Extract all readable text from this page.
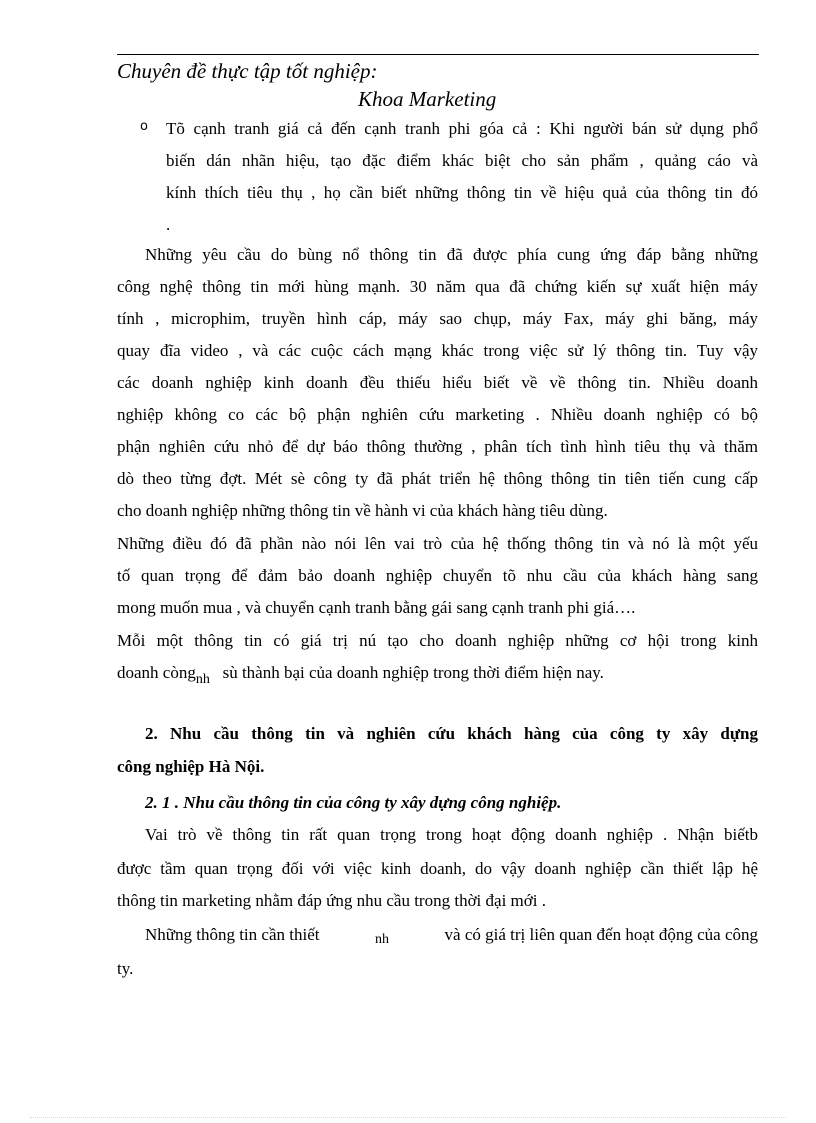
Chuyên đề thực tập tốt nghiệp:
Khoa Marketing
o Tõ cạnh tranh giá cả đến cạnh tranh phi góa cả : Khi người bán sử dụng phổ
biến dán nhãn hiệu, tạo đặc điểm khác biệt cho sản phẩm , quảng cáo và
kính thích tiêu thụ , họ cần biết những thông tin về hiệu quả của thông tin đó
.
Những yêu cầu do bùng nổ thông tin đã được phía cung ứng đáp bằng những
công nghệ thông tin mới hùng mạnh. 30 năm qua đã chứng kiến sự xuất hiện máy
tính , microphim, truyền hình cáp, máy sao chụp, máy Fax, máy ghi băng, máy
quay đĩa video , và các cuộc cách mạng khác trong việc sử lý thông tin. Tuy vậy
các doanh nghiệp kinh doanh đều thiếu hiểu biết về về thông tin. Nhiều doanh
nghiệp không co các bộ phận nghiên cứu marketing . Nhiều doanh nghiệp có bộ
phận nghiên cứu nhỏ để dự báo thông thường , phân tích tình hình tiêu thụ và thăm
dò theo từng đợt. Mét sè công ty đã phát triển hệ thông thông tin tiên tiến cung cấp
cho doanh nghiệp những thông tin về hành vi của khách hàng tiêu dùng.
Những điều đó đã phần nào nói lên vai trò của hệ thống thông tin và nó là một yếu
tố quan trọng để đảm bảo doanh nghiệp chuyển tõ nhu cầu của khách hàng sang
mong muốn mua , và chuyển cạnh tranh bằng gái sang cạnh tranh phi giá….
Mỗi một thông tin có giá trị nú tạo cho doanh nghiệp những cơ hội trong kinh
doanh còng$_{nh}$ sù thành bại của doanh nghiệp trong thời điểm hiện nay.
2. Nhu cầu thông tin và nghiên cứu khách hàng của công ty xây dựng
công nghiệp Hà Nội.
2. 1 . Nhu cầu thông tin của công ty xây dựng công nghiệp.
Vai trò về thông tin rất quan trọng trong hoạt động doanh nghiệp . Nhận biếtb
được tầm quan trọng đối với việc kinh doanh, do vậy doanh nghiệp cần thiết lập hệ
thông tin marketing nhằm đáp ứng nhu cầu trong thời đại mới .
Những thông tin cần thiết	nh	và có giá trị liên quan đến hoạt động của công
ty.
